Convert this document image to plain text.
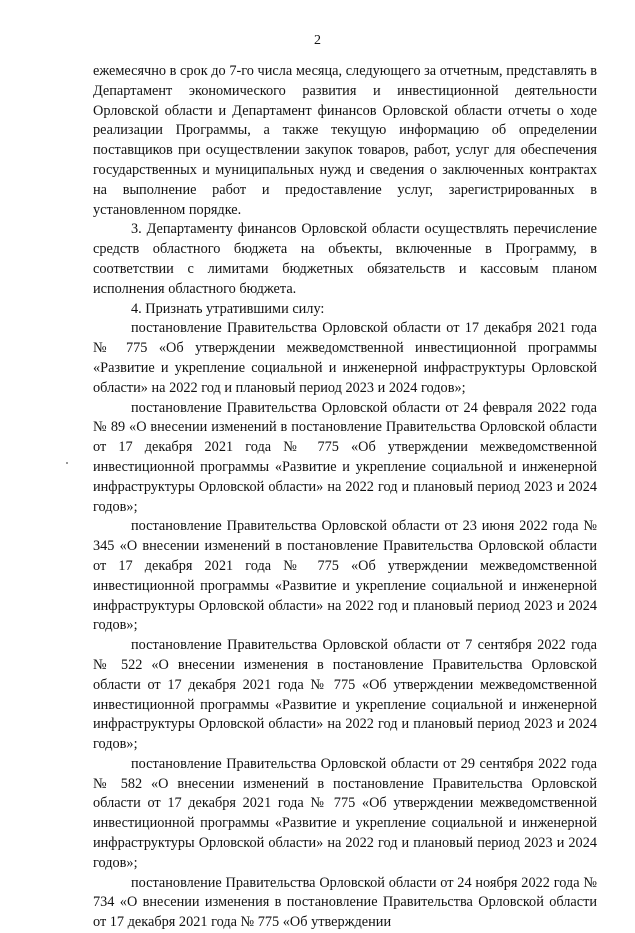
2

ежемесячно в срок до 7-го числа месяца, следующего за отчетным, представлять в Департамент экономического развития и инвестиционной деятельности Орловской области и Департамент финансов Орловской области отчеты о ходе реализации Программы, а также текущую информацию об определении поставщиков при осуществлении закупок товаров, работ, услуг для обеспечения государственных и муниципальных нужд и сведения о заключенных контрактах на выполнение работ и предоставление услуг, зарегистрированных в установленном порядке.

3. Департаменту финансов Орловской области осуществлять перечисление средств областного бюджета на объекты, включенные в Программу, в соответствии с лимитами бюджетных обязательств и кассовым планом исполнения областного бюджета.

4. Признать утратившими силу:

постановление Правительства Орловской области от 17 декабря 2021 года № 775 «Об утверждении межведомственной инвестиционной программы «Развитие и укрепление социальной и инженерной инфраструктуры Орловской области» на 2022 год и плановый период 2023 и 2024 годов»;

постановление Правительства Орловской области от 24 февраля 2022 года № 89 «О внесении изменений в постановление Правительства Орловской области от 17 декабря 2021 года № 775 «Об утверждении межведомственной инвестиционной программы «Развитие и укрепление социальной и инженерной инфраструктуры Орловской области» на 2022 год и плановый период 2023 и 2024 годов»;

постановление Правительства Орловской области от 23 июня 2022 года № 345 «О внесении изменений в постановление Правительства Орловской области от 17 декабря 2021 года № 775 «Об утверждении межведомственной инвестиционной программы «Развитие и укрепление социальной и инженерной инфраструктуры Орловской области» на 2022 год и плановый период 2023 и 2024 годов»;

постановление Правительства Орловской области от 7 сентября 2022 года № 522 «О внесении изменения в постановление Правительства Орловской области от 17 декабря 2021 года № 775 «Об утверждении межведомственной инвестиционной программы «Развитие и укрепление социальной и инженерной инфраструктуры Орловской области» на 2022 год и плановый период 2023 и 2024 годов»;

постановление Правительства Орловской области от 29 сентября 2022 года № 582 «О внесении изменений в постановление Правительства Орловской области от 17 декабря 2021 года № 775 «Об утверждении межведомственной инвестиционной программы «Развитие и укрепление социальной и инженерной инфраструктуры Орловской области» на 2022 год и плановый период 2023 и 2024 годов»;

постановление Правительства Орловской области от 24 ноября 2022 года № 734 «О внесении изменения в постановление Правительства Орловской области от 17 декабря 2021 года № 775 «Об утверждении
